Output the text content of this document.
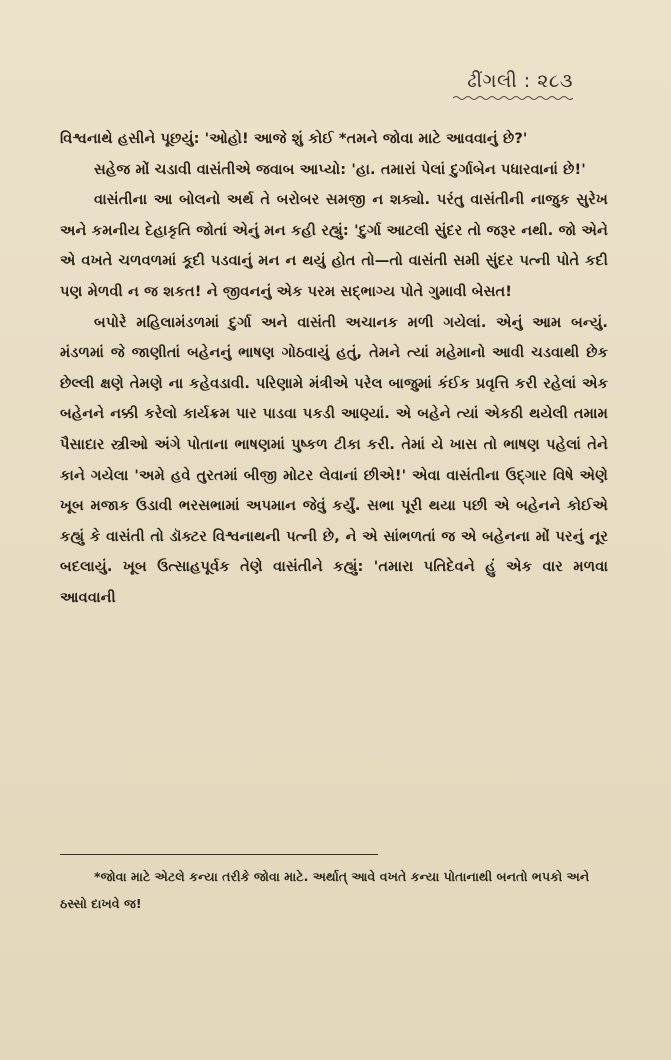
ઢીંગલી : ૨૮૩

વિશ્વનાથે હસીને પૂછયું: 'ઓહો! આજે શું કોઈ *તમને જોવા માટે આવવાનું છે?'

સહેજ મોં ચડાવી વાસંતીએ જવાબ આપ્યો: 'હા. તમારાં પેલાં દુર્ગાબેન પધારવાનાં છે!'

વાસંતીના આ બોલનો અર્થ તે બરોબર સમજી ન શક્યો. પરંતુ વાસંતીની નાજુક સુરેખ અને કમનીય દેહાકૃતિ જોતાં એનું મન કહી રહ્યું: 'દુર્ગા આટલી સુંદર તો જરૂર નથી. જો એને એ વખતે ચળવળમાં કૂદી પડવાનું મન ન થયું હોત તો—તો વાસંતી સમી સુંદર પત્ની પોતે કદી પણ મેળવી ન જ શકત! ને જીવનનું એક પરમ સદ્‌ભાગ્ય પોતે ગુમાવી બેસત!

બપોરે મહિલામંડળમાં દુર્ગા અને વાસંતી અચાનક મળી ગયેલાં. એનું આમ બન્યું. મંડળમાં જે જાણીતાં બહેનનું ભાષણ ગોઠવાયું હતું, તેમને ત્યાં મહેમાનો આવી ચડવાથી છેક છેલ્લી ક્ષણે તેમણે ના કહેવડાવી. પરિણામે મંત્રીએ પરેલ બાજુમાં કંઈક પ્રવૃત્તિ કરી રહેલાં એક બહેનને નક્કી કરેલો કાર્યક્રમ પાર પાડવા પકડી આણ્યાં. એ બહેને ત્યાં એકઠી થયેલી તમામ પૈસાદાર સ્ત્રીઓ અંગે પોતાના ભાષણમાં પુષ્કળ ટીકા કરી. તેમાં યે ખાસ તો ભાષણ પહેલાં તેને કાને ગયેલા 'અમે હવે તુરતમાં બીજી મોટર લેવાનાં છીએ!' એવા વાસંતીના ઉદ્‌ગાર વિષે એણે ખૂબ મજાક ઉડાવી ભરસભામાં અપમાન જેવું કર્યું. સભા પૂરી થયા પછી એ બહેનને કોઈએ કહ્યું કે વાસંતી તો ડૉક્ટર વિશ્વનાથની પત્ની છે, ને એ સાંભળતાં જ એ બહેનના મોં પરનું નૂર બદલાયું. ખૂબ ઉત્સાહપૂર્વક તેણે વાસંતીને કહ્યું: 'તમારા પતિદેવને હું એક વાર મળવા આવવાની

*જોવા માટે એટલે કન્યા તરીકે જોવા માટે. અર્થાત્ આવે વખતે કન્યા પોતાનાથી બનતો ભપકો અને ઠસ્સો દાખવે જ!
